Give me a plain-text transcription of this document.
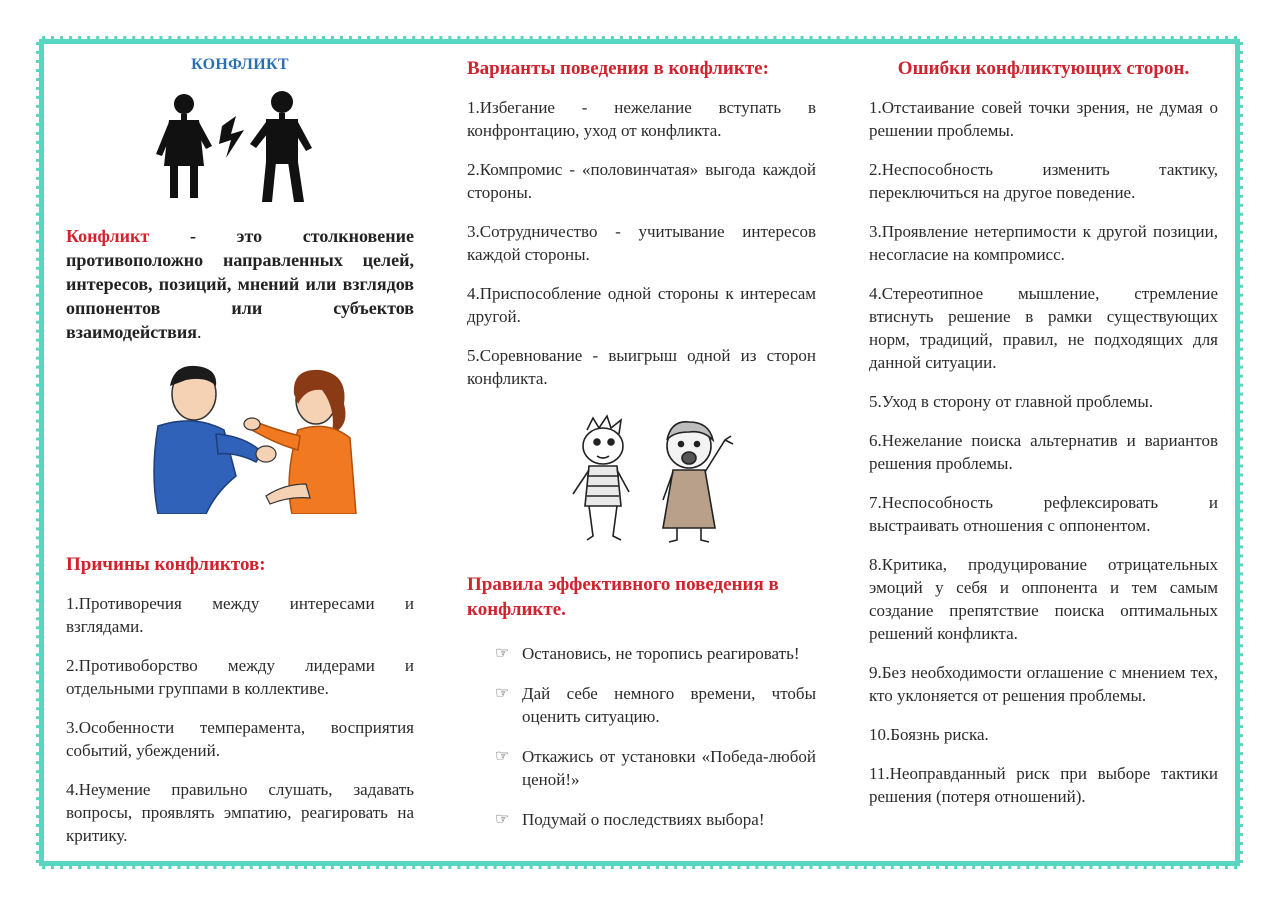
КОНФЛИКТ
Конфликт - это столкновение противоположно направленных целей, интересов, позиций, мнений или взглядов оппонентов или субъектов взаимодействия.
Причины конфликтов:

1.Противоречия между интересами и взглядами.

2.Противоборство между лидерами и отдельными группами в коллективе.

3.Особенности темперамента, восприятия событий, убеждений.

4.Неумение правильно слушать, задавать вопросы, проявлять эмпатию, реагировать на критику.

Варианты поведения в конфликте:

1.Избегание - нежелание вступать в конфронтацию, уход от конфликта.

2.Компромис - «половинчатая» выгода каждой стороны.

3.Сотрудничество - учитывание интересов каждой стороны.

4.Приспособление одной стороны к интересам другой.

5.Соревнование - выигрыш одной из сторон конфликта.

Правила эффективного поведения в конфликте.
☞ Остановись, не торопись реагировать!

☞ Дай себе немного времени, чтобы оценить ситуацию.

☞ Откажись от установки «Победа-любой ценой!»

☞ Подумай о последствиях выбора!

Ошибки конфликтующих сторон.

1.Отстаивание совей точки зрения, не думая о решении проблемы.

2.Неспособность изменить тактику, переключиться на другое поведение.

3.Проявление нетерпимости к другой позиции, несогласие на компромисс.

4.Стереотипное мышление, стремление втиснуть решение в рамки существующих норм, традиций, правил, не подходящих для данной ситуации.

5.Уход в сторону от главной проблемы.

6.Нежелание поиска альтернатив и вариантов решения проблемы.

7.Неспособность рефлексировать и выстраивать отношения с оппонентом.

8.Критика, продуцирование отрицательных эмоций у себя и оппонента и тем самым создание препятствие поиска оптимальных решений конфликта.

9.Без необходимости оглашение с мнением тех, кто уклоняется от решения проблемы.

10.Боязнь риска.

11.Неоправданный риск при выборе тактики решения (потеря отношений).
